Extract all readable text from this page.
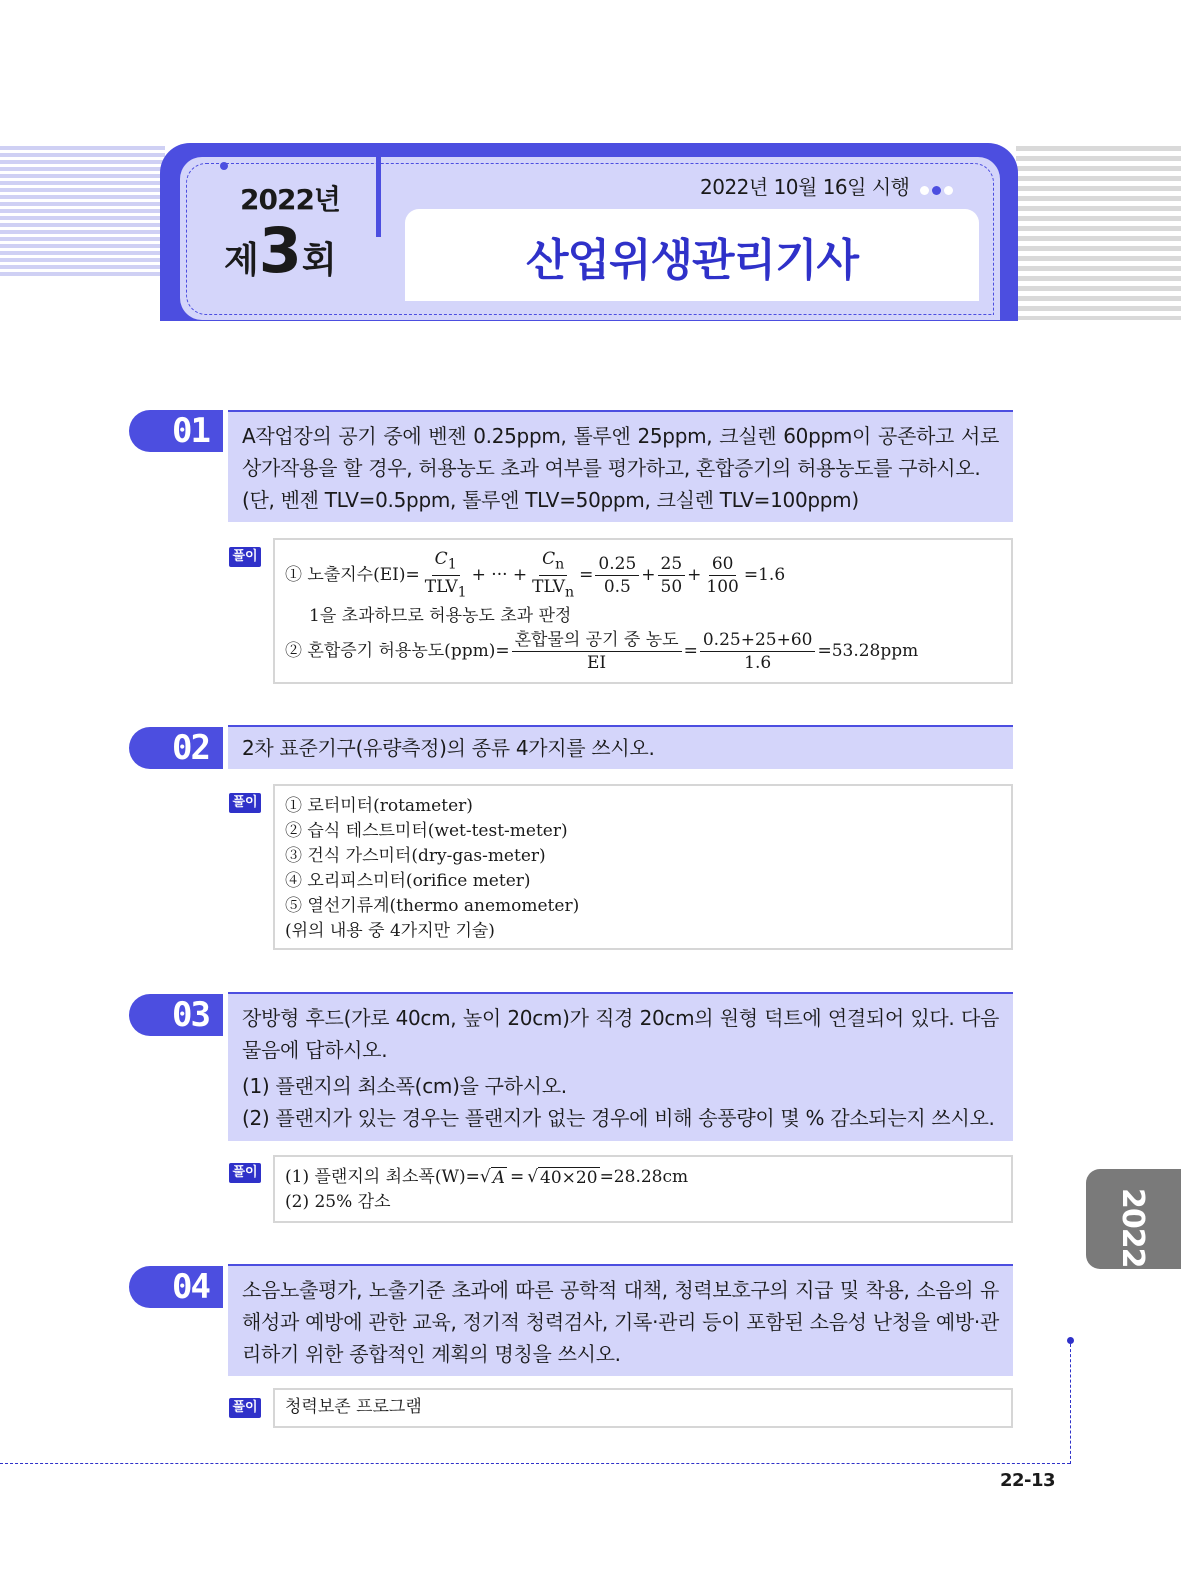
2022년
제3회
2022년 10월 16일 시행
산업위생관리기사
01	A작업장의 공기 중에 벤젠 0.25ppm, 톨루엔 25ppm, 크실렌 60ppm이 공존하고 서로 상가작용을 할 경우, 허용농도 초과 여부를 평가하고, 혼합증기의 허용농도를 구하시오.

(단, 벤젠 TLV=0.5ppm, 톨루엔 TLV=50ppm, 크실렌 TLV=100ppm)

풀이
① 노출지수$(EI)= \frac{C_1}{TLV_1}$ + ··· + $\frac{C_n}{TLV_n} = \frac{0.25}{0.5} + \frac{25}{50} + \frac{60}{100} =1.6$

1을 초과하므로 허용농도 초과 판정

② 혼합증기 허용농도$(ppm)= \frac{\text{혼합물의 공기 중 농도}}{EI} = \frac{0.25+25+60}{1.6} =53.28ppm$
02	2차 표준기구(유량측정)의 종류 4가지를 쓰시오.

풀이 ① 로터미터(rotameter)

② 습식 테스트미터(wet-test-meter)

③ 건식 가스미터(dry-gas-meter)

④ 오리피스미터(orifice meter)

⑤ 열선기류계(thermo anemometer)

(위의 내용 중 4가지만 기술)

03	장방형 후드(가로 40cm, 높이 20cm)가 직경 20cm의 원형 덕트에 연결되어 있다. 다음 물음에 답하시오.

(1) 플랜지의 최소폭(cm)을 구하시오.

(2) 플랜지가 있는 경우는 플랜지가 없는 경우에 비해 송풍량이 몇 % 감소되는지 쓰시오.

풀이 (1) 플랜지의 최소폭(W)= √ A = √ 40×20 =28.28cm

(2) 25% 감소

04	소음노출평가, 노출기준 초과에 따른 공학적 대책, 청력보호구의 지급 및 착용, 소음의 유해성과 예방에 관한 교육, 정기적 청력검사, 기록·관리 등이 포함된 소음성 난청을 예방·관리하기 위한 종합적인 계획의 명칭을 쓰시오.

풀이 청력보존 프로그램

2022
22-13
